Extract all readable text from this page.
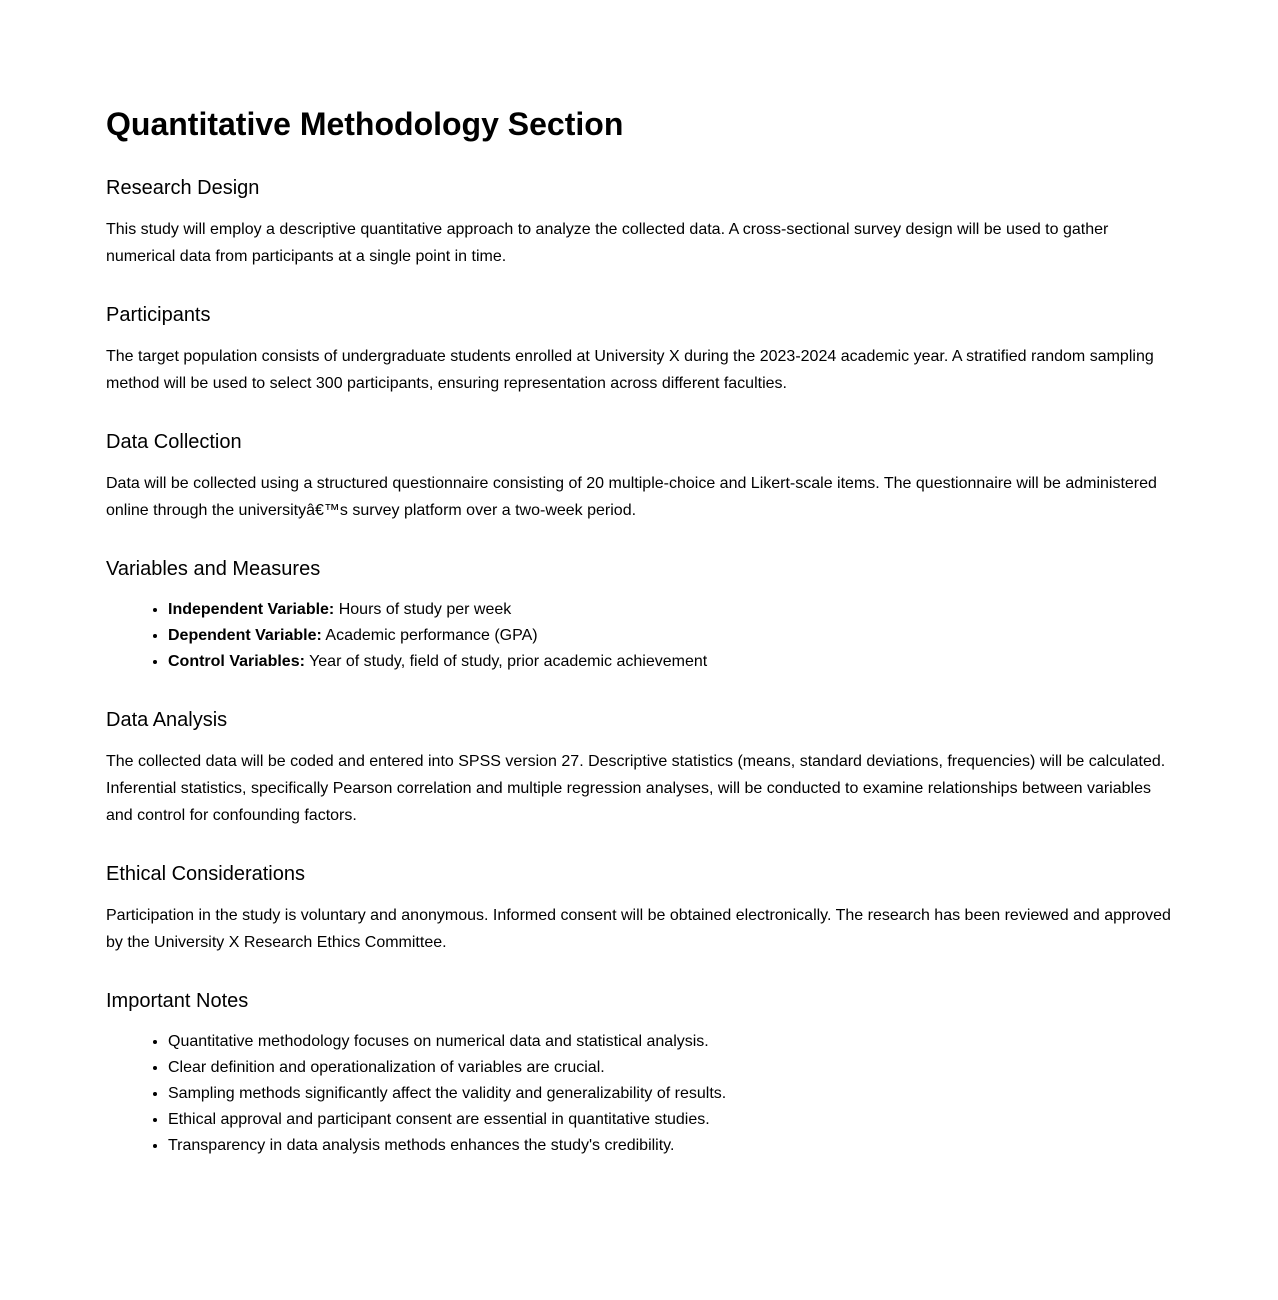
Quantitative Methodology Section
Research Design

This study will employ a descriptive quantitative approach to analyze the collected data. A cross-sectional survey design will be used to gather numerical data from participants at a single point in time.

Participants

The target population consists of undergraduate students enrolled at University X during the 2023-2024 academic year. A stratified random sampling method will be used to select 300 participants, ensuring representation across different faculties.

Data Collection

Data will be collected using a structured questionnaire consisting of 20 multiple-choice and Likert-scale items. The questionnaire will be administered online through the universityâ€™s survey platform over a two-week period.

Variables and Measures
• Independent Variable: Hours of study per week
• Dependent Variable: Academic performance (GPA)
• Control Variables: Year of study, field of study, prior academic achievement
Data Analysis

The collected data will be coded and entered into SPSS version 27. Descriptive statistics (means, standard deviations, frequencies) will be calculated. Inferential statistics, specifically Pearson correlation and multiple regression analyses, will be conducted to examine relationships between variables and control for confounding factors.

Ethical Considerations

Participation in the study is voluntary and anonymous. Informed consent will be obtained electronically. The research has been reviewed and approved by the University X Research Ethics Committee.

Important Notes
• Quantitative methodology focuses on numerical data and statistical analysis.
• Clear definition and operationalization of variables are crucial.
• Sampling methods significantly affect the validity and generalizability of results.
• Ethical approval and participant consent are essential in quantitative studies.
• Transparency in data analysis methods enhances the study's credibility.
